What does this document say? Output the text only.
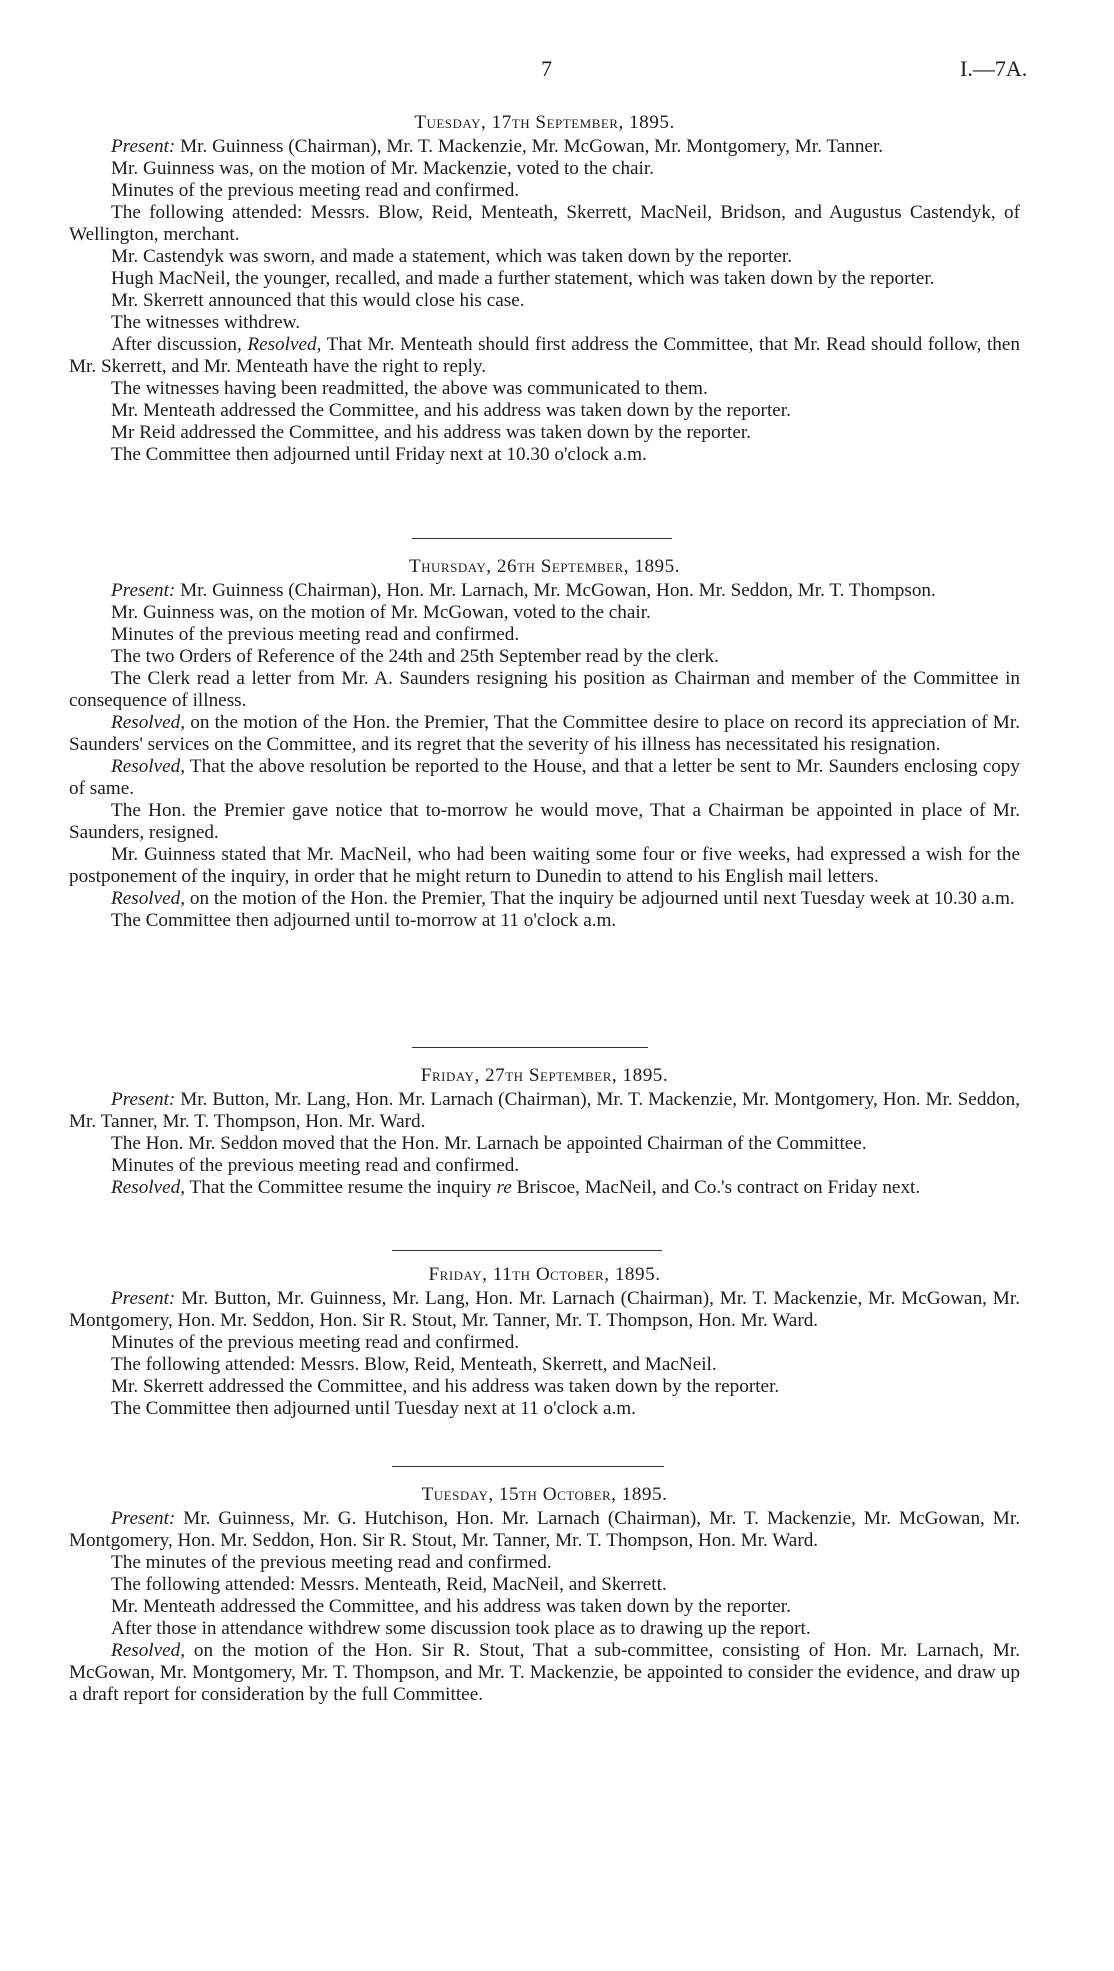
7	I.—7A.
Tuesday, 17th September, 1895.

Present: Mr. Guinness (Chairman), Mr. T. Mackenzie, Mr. McGowan, Mr. Montgomery, Mr. Tanner.

Mr. Guinness was, on the motion of Mr. Mackenzie, voted to the chair.

Minutes of the previous meeting read and confirmed.

The following attended: Messrs. Blow, Reid, Menteath, Skerrett, MacNeil, Bridson, and Augustus Castendyk, of Wellington, merchant.

Mr. Castendyk was sworn, and made a statement, which was taken down by the reporter.

Hugh MacNeil, the younger, recalled, and made a further statement, which was taken down by the reporter.

Mr. Skerrett announced that this would close his case.

The witnesses withdrew.

After discussion, Resolved, That Mr. Menteath should first address the Committee, that Mr. Read should follow, then Mr. Skerrett, and Mr. Menteath have the right to reply.

The witnesses having been readmitted, the above was communicated to them.

Mr. Menteath addressed the Committee, and his address was taken down by the reporter.

Mr Reid addressed the Committee, and his address was taken down by the reporter.

The Committee then adjourned until Friday next at 10.30 o'clock a.m.

Thursday, 26th September, 1895.

Present: Mr. Guinness (Chairman), Hon. Mr. Larnach, Mr. McGowan, Hon. Mr. Seddon, Mr. T. Thompson.

Mr. Guinness was, on the motion of Mr. McGowan, voted to the chair.

Minutes of the previous meeting read and confirmed.

The two Orders of Reference of the 24th and 25th September read by the clerk.

The Clerk read a letter from Mr. A. Saunders resigning his position as Chairman and member of the Committee in consequence of illness.

Resolved, on the motion of the Hon. the Premier, That the Committee desire to place on record its appreciation of Mr. Saunders' services on the Committee, and its regret that the severity of his illness has necessitated his resignation.

Resolved, That the above resolution be reported to the House, and that a letter be sent to Mr. Saunders enclosing copy of same.

The Hon. the Premier gave notice that to-morrow he would move, That a Chairman be appointed in place of Mr. Saunders, resigned.

Mr. Guinness stated that Mr. MacNeil, who had been waiting some four or five weeks, had expressed a wish for the postponement of the inquiry, in order that he might return to Dunedin to attend to his English mail letters.

Resolved, on the motion of the Hon. the Premier, That the inquiry be adjourned until next Tuesday week at 10.30 a.m.

The Committee then adjourned until to-morrow at 11 o'clock a.m.

Friday, 27th September, 1895.

Present: Mr. Button, Mr. Lang, Hon. Mr. Larnach (Chairman), Mr. T. Mackenzie, Mr. Montgomery, Hon. Mr. Seddon, Mr. Tanner, Mr. T. Thompson, Hon. Mr. Ward.

The Hon. Mr. Seddon moved that the Hon. Mr. Larnach be appointed Chairman of the Committee.

Minutes of the previous meeting read and confirmed.

Resolved, That the Committee resume the inquiry re Briscoe, MacNeil, and Co.'s contract on Friday next.

Friday, 11th October, 1895.

Present: Mr. Button, Mr. Guinness, Mr. Lang, Hon. Mr. Larnach (Chairman), Mr. T. Mackenzie, Mr. McGowan, Mr. Montgomery, Hon. Mr. Seddon, Hon. Sir R. Stout, Mr. Tanner, Mr. T. Thompson, Hon. Mr. Ward.

Minutes of the previous meeting read and confirmed.

The following attended: Messrs. Blow, Reid, Menteath, Skerrett, and MacNeil.

Mr. Skerrett addressed the Committee, and his address was taken down by the reporter.

The Committee then adjourned until Tuesday next at 11 o'clock a.m.

Tuesday, 15th October, 1895.

Present: Mr. Guinness, Mr. G. Hutchison, Hon. Mr. Larnach (Chairman), Mr. T. Mackenzie, Mr. McGowan, Mr. Montgomery, Hon. Mr. Seddon, Hon. Sir R. Stout, Mr. Tanner, Mr. T. Thompson, Hon. Mr. Ward.

The minutes of the previous meeting read and confirmed.

The following attended: Messrs. Menteath, Reid, MacNeil, and Skerrett.

Mr. Menteath addressed the Committee, and his address was taken down by the reporter.

After those in attendance withdrew some discussion took place as to drawing up the report.

Resolved, on the motion of the Hon. Sir R. Stout, That a sub-committee, consisting of Hon. Mr. Larnach, Mr. McGowan, Mr. Montgomery, Mr. T. Thompson, and Mr. T. Mackenzie, be appointed to consider the evidence, and draw up a draft report for consideration by the full Committee.
